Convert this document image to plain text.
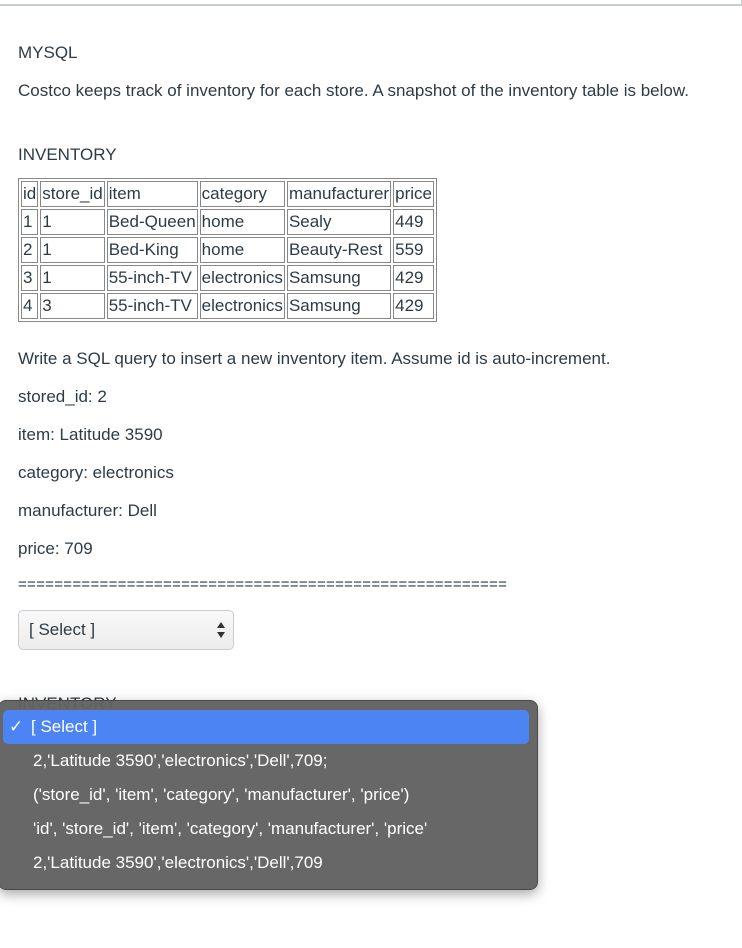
MYSQL

Costco keeps track of inventory for each store. A snapshot of the inventory table is below.

INVENTORY

id	store_id	item	category	manufacturer	price
1	1	Bed-Queen	home	Sealy	449
2	1	Bed-King	home	Beauty-Rest	559
3	1	55-inch-TV	electronics	Samsung	429
4	3	55-inch-TV	electronics	Samsung	429

Write a SQL query to insert a new inventory item. Assume id is auto-increment.

stored_id: 2

item: Latitude 3590

category: electronics

manufacturer: Dell

price: 709

======================================================

[ Select ]

✓ [ Select ]
2,'Latitude 3590','electronics','Dell',709;
('store_id', 'item', 'category', 'manufacturer', 'price')
'id', 'store_id', 'item', 'category', 'manufacturer', 'price'
2,'Latitude 3590','electronics','Dell',709
